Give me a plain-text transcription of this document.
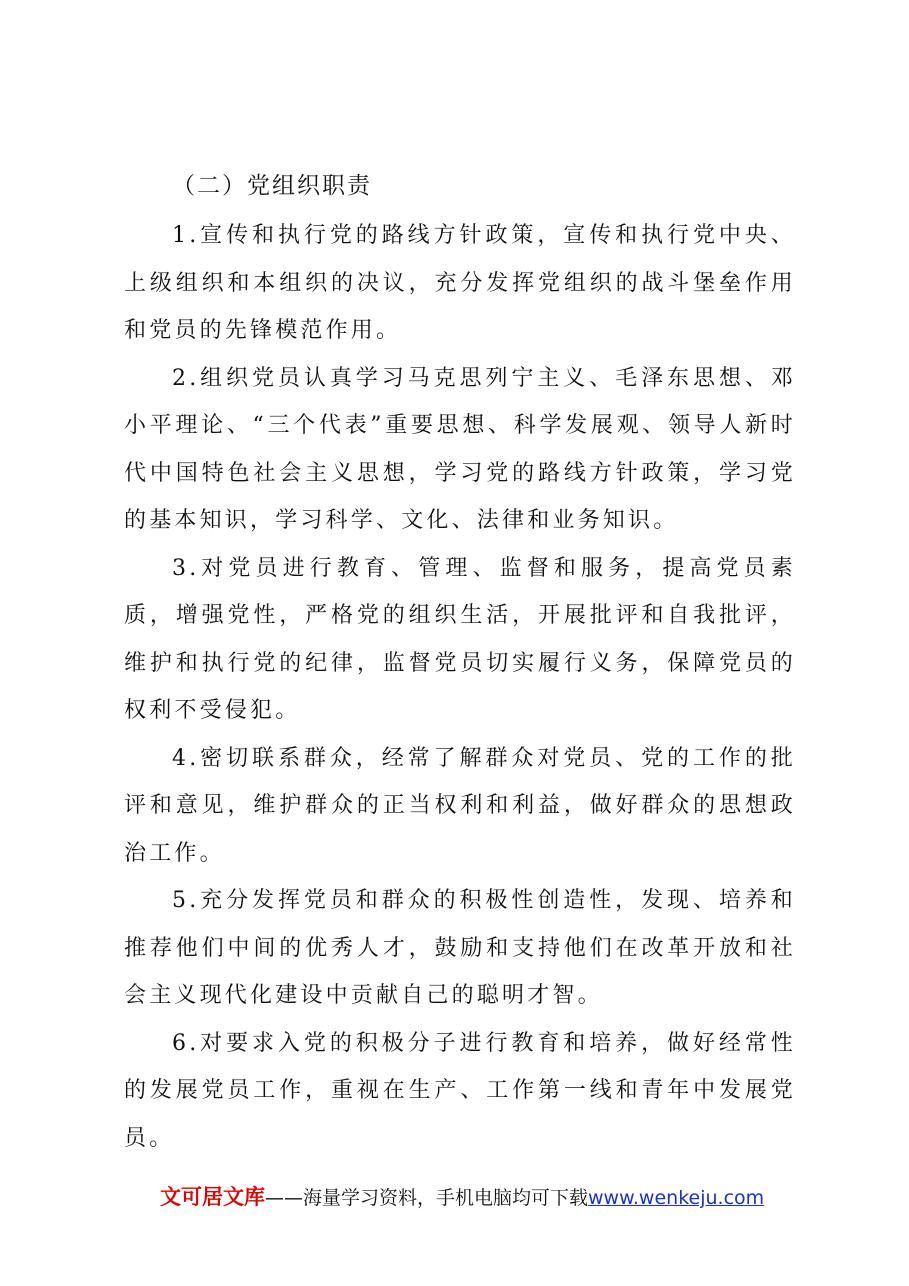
（二）党组织职责

1.宣传和执行党的路线方针政策，宣传和执行党中央、上级组织和本组织的决议，充分发挥党组织的战斗堡垒作用和党员的先锋模范作用。

2.组织党员认真学习马克思列宁主义、毛泽东思想、邓小平理论、“三个代表”重要思想、科学发展观、领导人新时代中国特色社会主义思想，学习党的路线方针政策，学习党的基本知识，学习科学、文化、法律和业务知识。

3.对党员进行教育、管理、监督和服务，提高党员素质，增强党性，严格党的组织生活，开展批评和自我批评，维护和执行党的纪律，监督党员切实履行义务，保障党员的权利不受侵犯。

4.密切联系群众，经常了解群众对党员、党的工作的批评和意见，维护群众的正当权利和利益，做好群众的思想政治工作。

5.充分发挥党员和群众的积极性创造性，发现、培养和推荐他们中间的优秀人才，鼓励和支持他们在改革开放和社会主义现代化建设中贡献自己的聪明才智。

6.对要求入党的积极分子进行教育和培养，做好经常性的发展党员工作，重视在生产、工作第一线和青年中发展党员。

文可居文库——海量学习资料，手机电脑均可下载www.wenkeju.com
